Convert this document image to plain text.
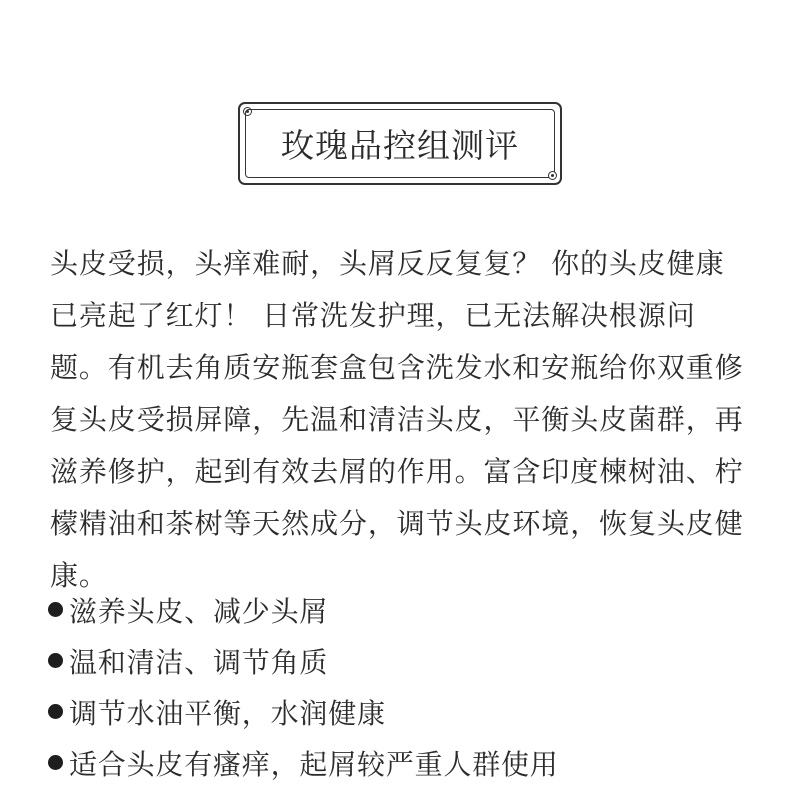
玫瑰品控组测评

头皮受损，头痒难耐，头屑反反复复？ 你的头皮健康已亮起了红灯！ 日常洗发护理，已无法解决根源问题。有机去角质安瓶套盒包含洗发水和安瓶给你双重修复头皮受损屏障，先温和清洁头皮，平衡头皮菌群，再滋养修护，起到有效去屑的作用。富含印度楝树油、柠檬精油和茶树等天然成分，调节头皮环境，恢复头皮健康。

滋养头皮、减少头屑
温和清洁、调节角质
调节水油平衡，水润健康
适合头皮有瘙痒，起屑较严重人群使用
